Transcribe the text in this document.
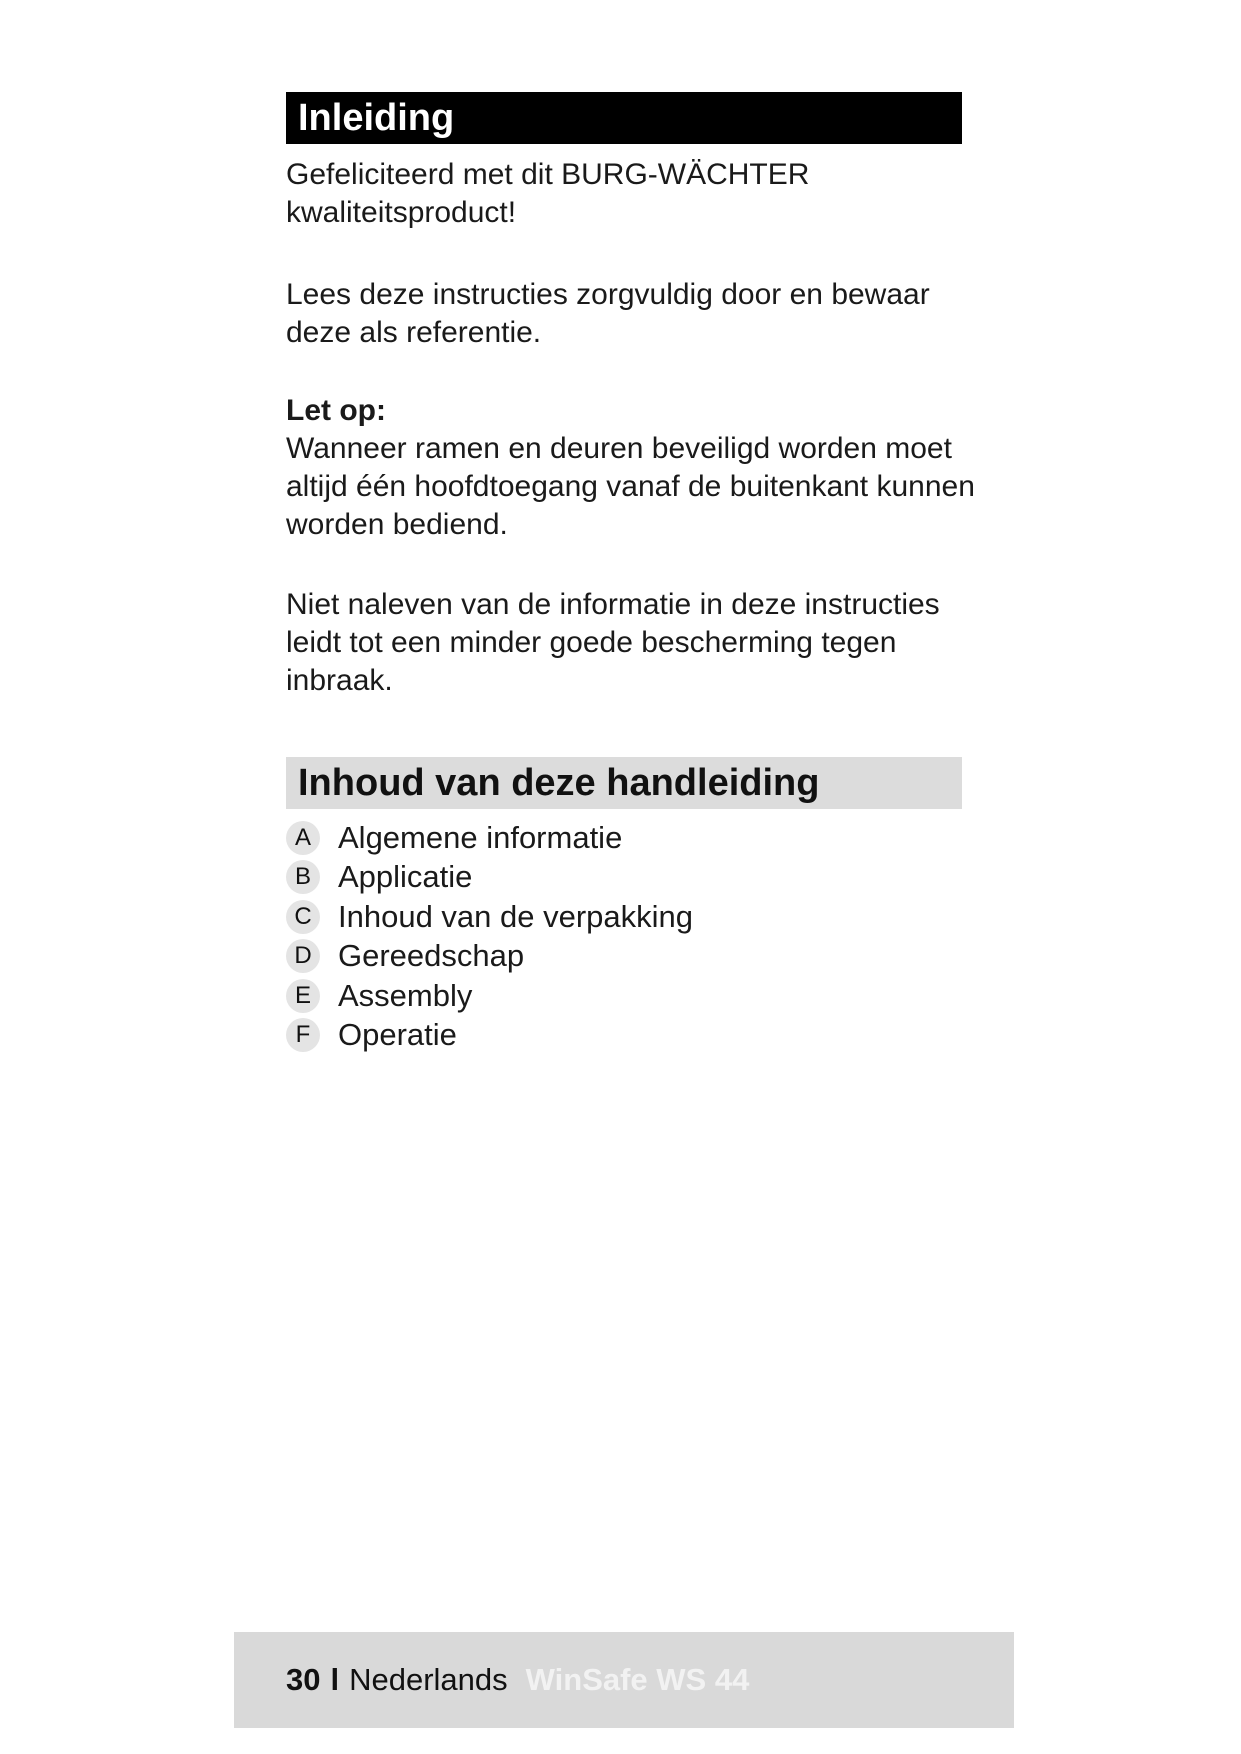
Inleiding

Gefeliciteerd met dit BURG-WÄCHTER kwaliteitsproduct!

Lees deze instructies zorgvuldig door en bewaar deze als referentie.

Let op:

Wanneer ramen en deuren beveiligd worden moet altijd één hoofdtoegang vanaf de buitenkant kunnen worden bediend.

Niet naleven van de informatie in deze instructies leidt tot een minder goede bescherming tegen inbraak.

Inhoud van deze handleiding
A Algemene informatie
B Applicatie
C Inhoud van de verpakking
D Gereedschap
E Assembly
F Operatie
30 l Nederlands WinSafe WS 44
